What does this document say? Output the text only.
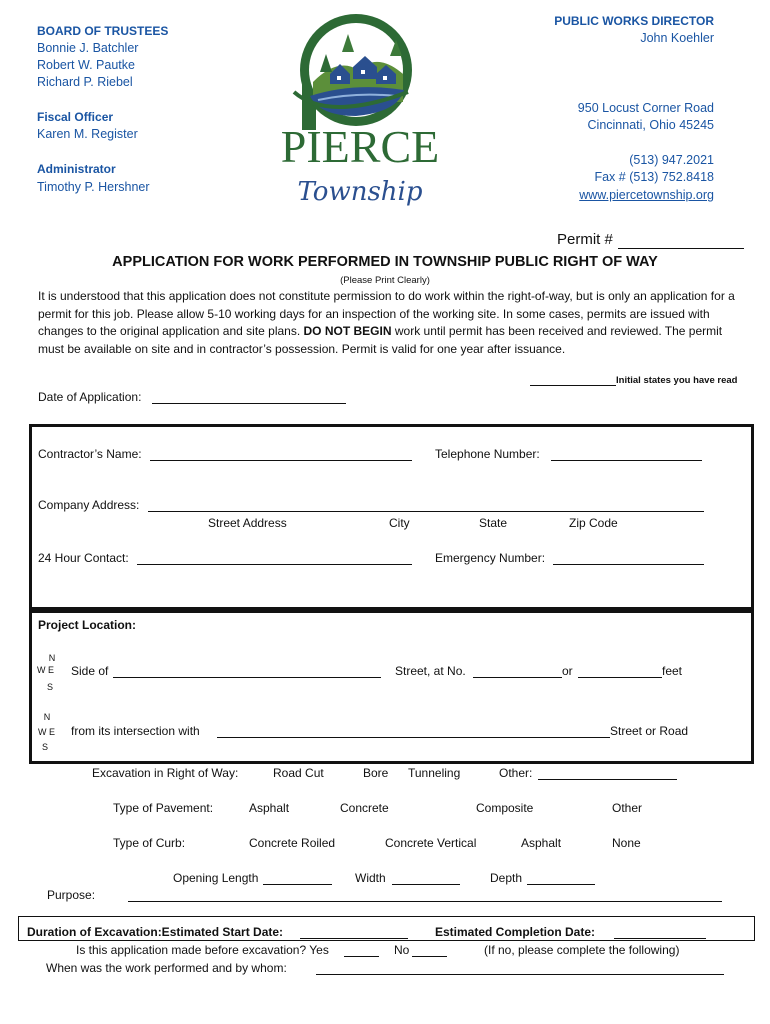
BOARD OF TRUSTEES
Bonnie J. Batchler
Robert W. Pautke
Richard P. Riebel
Fiscal Officer
Karen M. Register
Administrator
Timothy P. Hershner
PIERCE
Township
PUBLIC WORKS DIRECTOR
John Koehler
950 Locust Corner Road
Cincinnati, Ohio 45245
(513) 947.2021
Fax # (513) 752.8418
www.piercetownship.org
Permit #
APPLICATION FOR WORK PERFORMED IN TOWNSHIP PUBLIC RIGHT OF WAY
(Please Print Clearly)
It is understood that this application does not constitute permission to do work within the right-of-way, but is only an application for a permit for this job. Please allow 5-10 working days for an inspection of the working site. In some cases, permits are issued with changes to the original application and site plans. DO NOT BEGIN work until permit has been received and reviewed. The permit must be available on site and in contractor’s possession. Permit is valid for one year after issuance.
Initial states you have read
Date of Application:
Contractor’s Name:	Telephone Number:
Company Address:
Street Address	City	State	Zip Code
24 Hour Contact:	Emergency Number:
Project Location:
N
W E
S
Side of	Street, at No.	or	feet
N
W E
S
from its intersection with	Street or Road
Excavation in Right of Way:	Road Cut	Bore Tunneling	Other:
Type of Pavement:	Asphalt	Concrete	Composite	Other
Type of Curb:	Concrete Roiled	Concrete Vertical	Asphalt	None
Opening Length	Width	Depth
Purpose:
Duration of Excavation:Estimated Start Date:	Estimated Completion Date:
Is this application made before excavation? Yes	No	(If no, please complete the following)
When was the work performed and by whom:
